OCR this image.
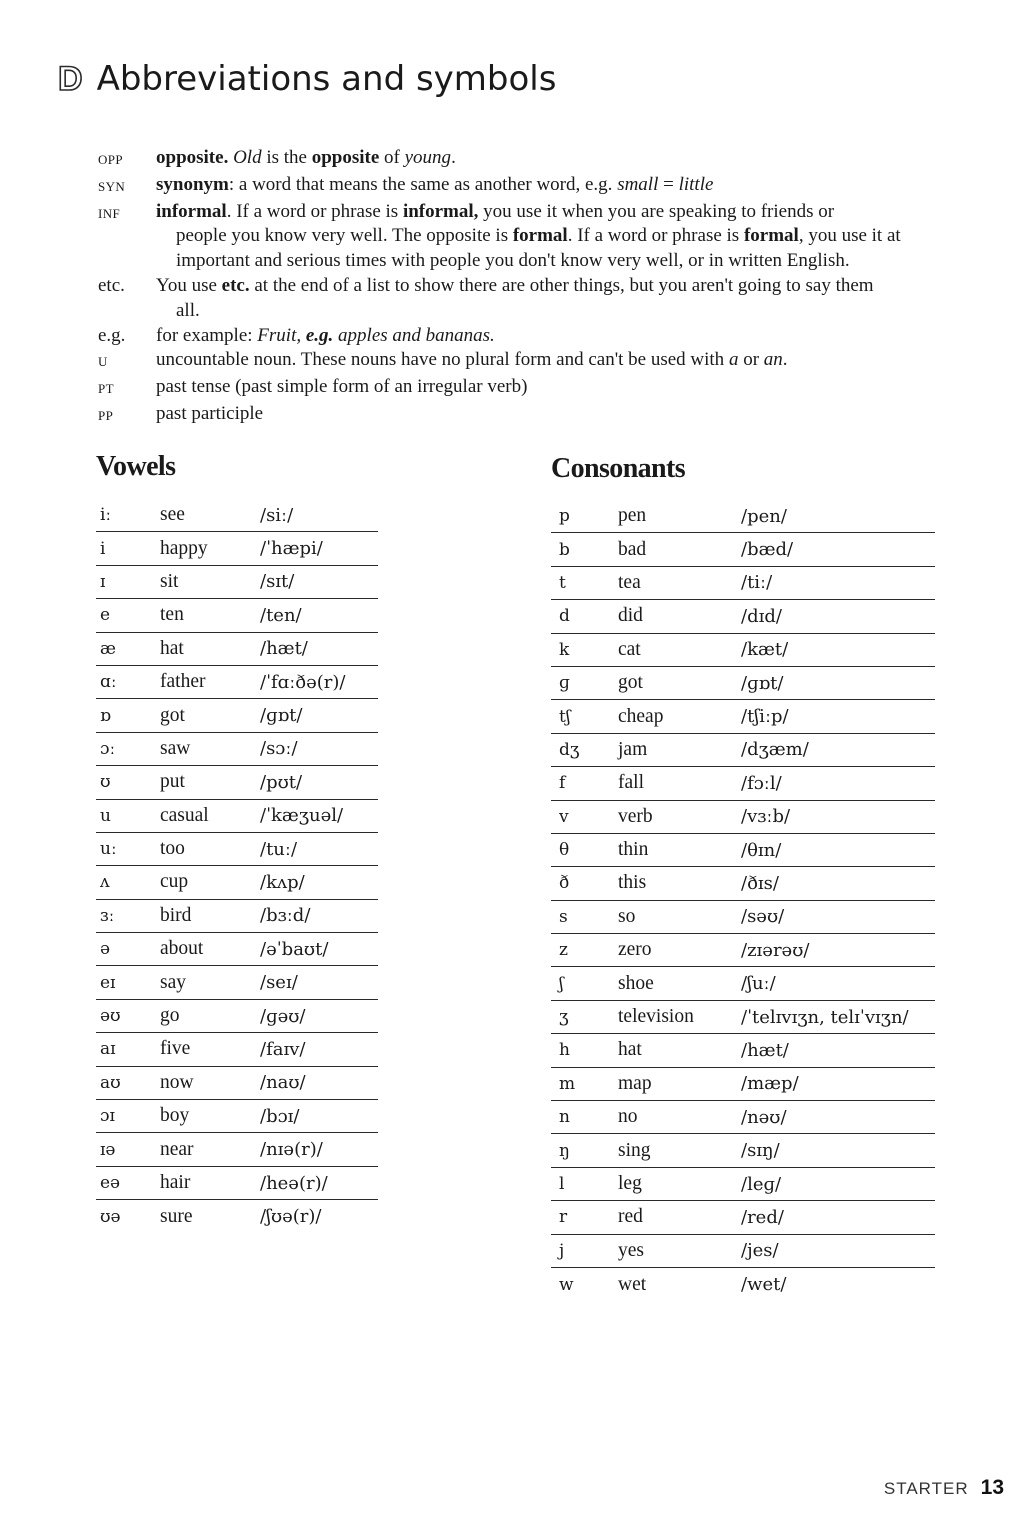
D Abbreviations and symbols
OPP	opposite. Old is the opposite of young.
SYN	synonym: a word that means the same as another word, e.g. small = little
INF	informal. If a word or phrase is informal, you use it when you are speaking to friends or
people you know very well. The opposite is formal. If a word or phrase is formal, you use it at
important and serious times with people you don't know very well, or in written English.
etc.	You use etc. at the end of a list to show there are other things, but you aren't going to say them
all.
e.g.	for example: Fruit, e.g. apples and bananas.
U	uncountable noun. These nouns have no plural form and can't be used with a or an.
PT	past tense (past simple form of an irregular verb)
PP	past participle
Vowels	Consonants
iː	see	/siː/
i	happy	/ˈhæpi/
ɪ	sit	/sɪt/
e	ten	/ten/
æ	hat	/hæt/
ɑː	father	/ˈfɑːðə(r)/
ɒ	got	/ɡɒt/
ɔː	saw	/sɔː/
ʊ	put	/pʊt/
u	casual	/ˈkæʒuəl/
uː	too	/tuː/
ʌ	cup	/kʌp/
ɜː	bird	/bɜːd/
ə	about	/əˈbaʊt/
eɪ	say	/seɪ/
əʊ	go	/ɡəʊ/
aɪ	five	/faɪv/
aʊ	now	/naʊ/
ɔɪ	boy	/bɔɪ/
ɪə	near	/nɪə(r)/
eə	hair	/heə(r)/
ʊə	sure	/ʃʊə(r)/
p	pen	/pen/
b	bad	/bæd/
t	tea	/tiː/
d	did	/dɪd/
k	cat	/kæt/
ɡ	got	/ɡɒt/
tʃ	cheap	/tʃiːp/
dʒ	jam	/dʒæm/
f	fall	/fɔːl/
v	verb	/vɜːb/
θ	thin	/θɪn/
ð	this	/ðɪs/
s	so	/səʊ/
z	zero	/zɪərəʊ/
ʃ	shoe	/ʃuː/
ʒ	television	/ˈtelɪvɪʒn, telɪˈvɪʒn/
h	hat	/hæt/
m	map	/mæp/
n	no	/nəʊ/
ŋ	sing	/sɪŋ/
l	leg	/leɡ/
r	red	/red/
j	yes	/jes/
w	wet	/wet/
STARTER 13
